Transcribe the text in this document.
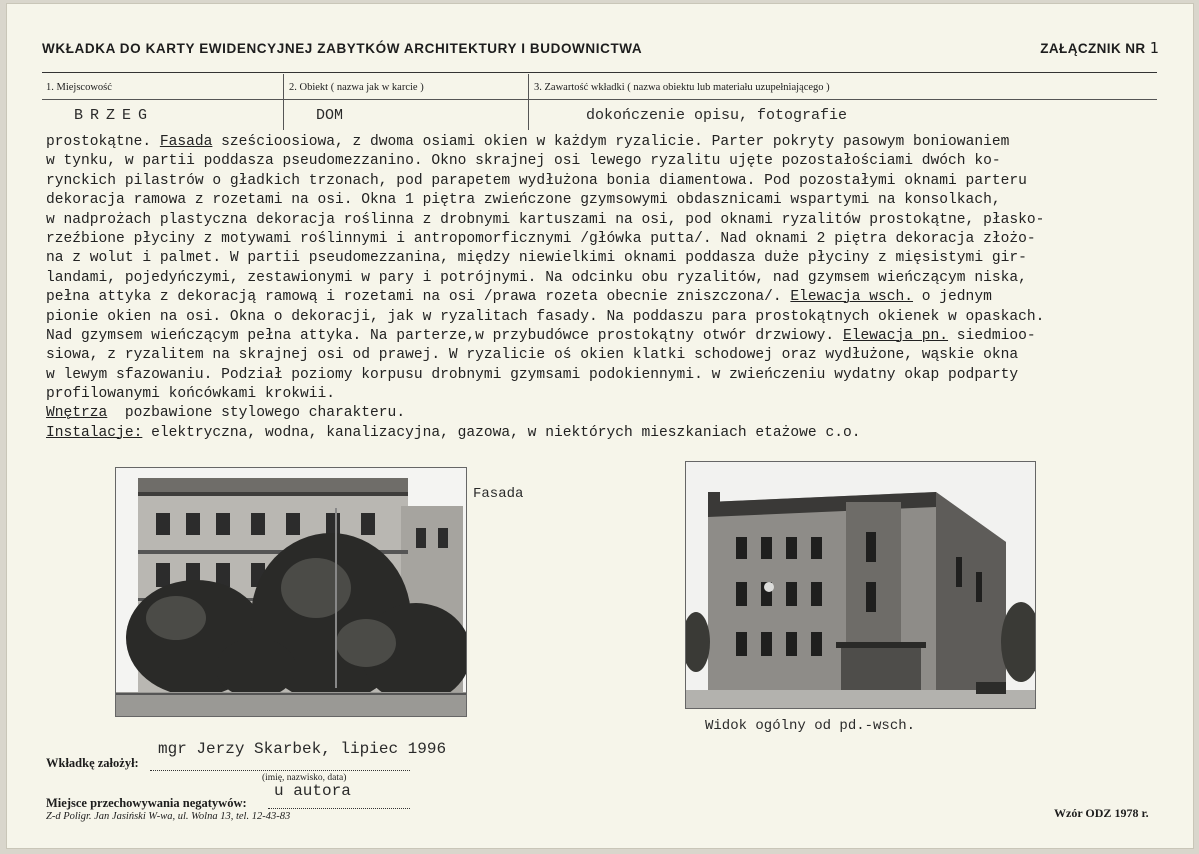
WKŁADKA DO KARTY EWIDENCYJNEJ ZABYTKÓW ARCHITEKTURY I BUDOWNICTWA	ZAŁĄCZNIK NR 1
1. Miejscowość	2. Obiekt ( nazwa jak w karcie )	3. Zawartość wkładki ( nazwa obiektu lub materiału uzupełniającego )
BRZEG	DOM	dokończenie opisu, fotografie
prostokątne. Fasada sześcioosiowa, z dwoma osiami okien w każdym ryzalicie. Parter pokryty pasowym boniowaniem
w tynku, w partii poddasza pseudomezzanino. Okno skrajnej osi lewego ryzalitu ujęte pozostałościami dwóch ko-
rynckich pilastrów o gładkich trzonach, pod parapetem wydłużona bonia diamentowa. Pod pozostałymi oknami parteru
dekoracja ramowa z rozetami na osi. Okna 1 piętra zwieńczone gzymsowymi obdasznicami wspartymi na konsolkach,
w nadprożach plastyczna dekoracja roślinna z drobnymi kartuszami na osi, pod oknami ryzalitów prostokątne, płasko-
rzeźbione płyciny z motywami roślinnymi i antropomorficznymi /główka putta/. Nad oknami 2 piętra dekoracja złożo-
na z wolut i palmet. W partii pseudomezzanina, między niewielkimi oknami poddasza duże płyciny z mięsistymi gir-
landami, pojedyńczymi, zestawionymi w pary i potrójnymi. Na odcinku obu ryzalitów, nad gzymsem wieńczącym niska,
pełna attyka z dekoracją ramową i rozetami na osi /prawa rozeta obecnie zniszczona/. Elewacja wsch. o jednym
pionie okien na osi. Okna o dekoracji, jak w ryzalitach fasady. Na poddaszu para prostokątnych okienek w opaskach.
Nad gzymsem wieńczącym pełna attyka. Na parterze,w przybudówce prostokątny otwór drzwiowy. Elewacja pn. siedmioo-
siowa, z ryzalitem na skrajnej osi od prawej. W ryzalicie oś okien klatki schodowej oraz wydłużone, wąskie okna
w lewym sfazowaniu. Podział poziomy korpusu drobnymi gzymsami podokiennymi. w zwieńczeniu wydatny okap podparty
profilowanymi końcówkami krokwii.
Wnętrza  pozbawione stylowego charakteru.
Instalacje: elektryczna, wodna, kanalizacyjna, gazowa, w niektórych mieszkaniach etażowe c.o.
Fasada
Widok ogólny od pd.-wsch.
Wkładkę założył:
mgr Jerzy Skarbek, lipiec 1996
(imię, nazwisko, data)
Miejsce przechowywania negatywów:
u autora
Z-d Poligr. Jan Jasiński W-wa, ul. Wolna 13, tel. 12-43-83	Wzór ODZ 1978 r.
